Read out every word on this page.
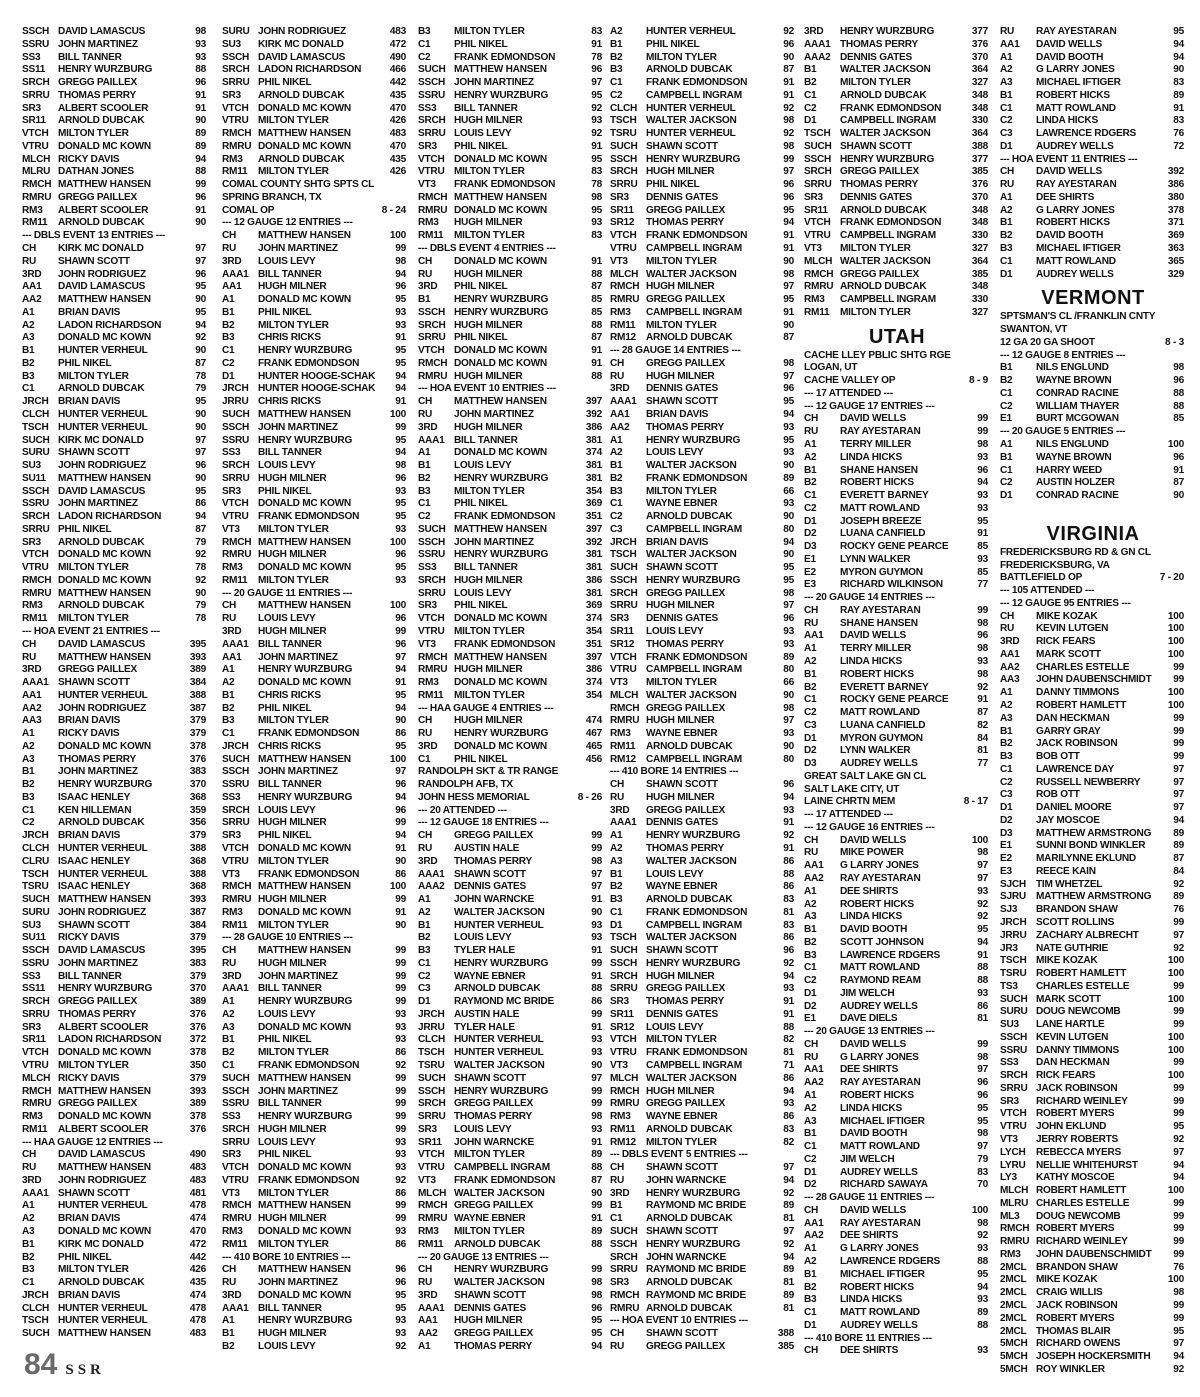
SSCH DAVID LAMASCUS	98
SSRU JOHN MARTINEZ	93
SS3	BILL TANNER	93
SS11	HENRY WURZBURG	88
SRCH GREGG PAILLEX	96
SRRU THOMAS PERRY	91
SR3	ALBERT SCOOLER	91
SR11	ARNOLD DUBCAK	90
VTCH MILTON TYLER	89
VTRU DONALD MC KOWN	89
MLCH RICKY DAVIS	94
MLRU DATHAN JONES	88
RMCH MATTHEW HANSEN	99
RMRU GREGG PAILLEX	96
RM3	ALBERT SCOOLER	91
RM11	ARNOLD DUBCAK	90
--- DBLS EVENT 13 ENTRIES ---
CH	KIRK MC DONALD	97
RU	SHAWN SCOTT	97
3RD	JOHN RODRIGUEZ	96
AA1	DAVID LAMASCUS	95
AA2	MATTHEW HANSEN	90
A1	BRIAN DAVIS	95
A2	LADON RICHARDSON	94
A3	DONALD MC KOWN	92
B1	HUNTER VERHEUL	90
B2	PHIL NIKEL	87
B3	MILTON TYLER	78
C1	ARNOLD DUBCAK	79
JRCH BRIAN DAVIS	95
CLCH HUNTER VERHEUL	90
TSCH HUNTER VERHEUL	90
SUCH KIRK MC DONALD	97
SURU SHAWN SCOTT	97
SU3	JOHN RODRIGUEZ	96
SU11	MATTHEW HANSEN	90
SSCH DAVID LAMASCUS	95
SSRU JOHN MARTINEZ	86
SRCH LADON RICHARDSON	94
SRRU PHIL NIKEL	87
SR3	ARNOLD DUBCAK	79
VTCH DONALD MC KOWN	92
VTRU MILTON TYLER	78
RMCH DONALD MC KOWN	92
RMRU MATTHEW HANSEN	90
RM3	ARNOLD DUBCAK	79
RM11	MILTON TYLER	78
--- HOA EVENT 21 ENTRIES ---
CH	DAVID LAMASCUS	395
RU	MATTHEW HANSEN	393
3RD	GREGG PAILLEX	389
AAA1 SHAWN SCOTT	384
AA1	HUNTER VERHEUL	388
AA2	JOHN RODRIGUEZ	387
AA3	BRIAN DAVIS	379
A1	RICKY DAVIS	379
A2	DONALD MC KOWN	378
A3	THOMAS PERRY	376
B1	JOHN MARTINEZ	383
B2	HENRY WURZBURG	370
B3	ISAAC HENLEY	368
C1	KEN HILLEMAN	359
C2	ARNOLD DUBCAK	356
JRCH BRIAN DAVIS	379
CLCH HUNTER VERHEUL	388
CLRU ISAAC HENLEY	368
TSCH HUNTER VERHEUL	388
TSRU ISAAC HENLEY	368
SUCH MATTHEW HANSEN	393
SURU JOHN RODRIGUEZ	387
SU3	SHAWN SCOTT	384
SU11	RICKY DAVIS	379
SSCH DAVID LAMASCUS	395
SSRU JOHN MARTINEZ	383
SS3	BILL TANNER	379
SS11	HENRY WURZBURG	370
SRCH GREGG PAILLEX	389
SRRU THOMAS PERRY	376
SR3	ALBERT SCOOLER	376
SR11	LADON RICHARDSON	372
VTCH DONALD MC KOWN	378
VTRU MILTON TYLER	350
MLCH RICKY DAVIS	379
RMCH MATTHEW HANSEN	393
RMRU GREGG PAILLEX	389
RM3	DONALD MC KOWN	378
RM11	ALBERT SCOOLER	376
--- HAA GAUGE 12 ENTRIES ---
CH	DAVID LAMASCUS	490
RU	MATTHEW HANSEN	483
3RD	JOHN RODRIGUEZ	483
AAA1 SHAWN SCOTT	481
A1	HUNTER VERHEUL	478
A2	BRIAN DAVIS	474
A3	DONALD MC KOWN	470
B1	KIRK MC DONALD	472
B2	PHIL NIKEL	442
B3	MILTON TYLER	426
C1	ARNOLD DUBCAK	435
JRCH BRIAN DAVIS	474
CLCH HUNTER VERHEUL	478
TSCH HUNTER VERHEUL	478
SUCH MATTHEW HANSEN	483
SURU JOHN RODRIGUEZ	483
SU3	KIRK MC DONALD	472
SSCH DAVID LAMASCUS	490
SRCH LADON RICHARDSON	466
SRRU PHIL NIKEL	442
SR3	ARNOLD DUBCAK	435
VTCH DONALD MC KOWN	470
VTRU MILTON TYLER	426
RMCH MATTHEW HANSEN	483
RMRU DONALD MC KOWN	470
RM3	ARNOLD DUBCAK	435
RM11	MILTON TYLER	426
COMAL COUNTY SHTG SPTS CL
SPRING BRANCH, TX
COMAL OP	8 - 24
--- 12 GAUGE 12 ENTRIES ---
CH	MATTHEW HANSEN	100
RU	JOHN MARTINEZ	99
3RD	LOUIS LEVY	98
AAA1 BILL TANNER	94
AA1	HUGH MILNER	96
A1	DONALD MC KOWN	95
B1	PHIL NIKEL	93
B2	MILTON TYLER	93
B3	CHRIS RICKS	91
C1	HENRY WURZBURG	95
C2	FRANK EDMONDSON	95
D1	HUNTER HOOGE-SCHAK	94
JRCH HUNTER HOOGE-SCHAK	94
JRRU CHRIS RICKS	91
SUCH MATTHEW HANSEN	100
SSCH JOHN MARTINEZ	99
SSRU HENRY WURZBURG	95
SS3	BILL TANNER	94
SRCH LOUIS LEVY	98
SRRU HUGH MILNER	96
SR3	PHIL NIKEL	93
VTCH DONALD MC KOWN	95
VTRU FRANK EDMONDSON	95
VT3	MILTON TYLER	93
RMCH MATTHEW HANSEN	100
RMRU HUGH MILNER	96
RM3	DONALD MC KOWN	95
RM11	MILTON TYLER	93
--- 20 GAUGE 11 ENTRIES ---
CH	MATTHEW HANSEN	100
RU	LOUIS LEVY	96
3RD	HUGH MILNER	99
AAA1 BILL TANNER	96
AA1	JOHN MARTINEZ	97
A1	HENRY WURZBURG	94
A2	DONALD MC KOWN	91
B1	CHRIS RICKS	95
B2	PHIL NIKEL	94
B3	MILTON TYLER	90
C1	FRANK EDMONDSON	86
JRCH CHRIS RICKS	95
SUCH MATTHEW HANSEN	100
SSCH JOHN MARTINEZ	97
SSRU BILL TANNER	96
SS3	HENRY WURZBURG	94
SRCH LOUIS LEVY	96
SRRU HUGH MILNER	99
SR3	PHIL NIKEL	94
VTCH DONALD MC KOWN	91
VTRU MILTON TYLER	90
VT3	FRANK EDMONDSON	86
RMCH MATTHEW HANSEN	100
RMRU HUGH MILNER	99
RM3	DONALD MC KOWN	91
RM11	MILTON TYLER	90
--- 28 GAUGE 10 ENTRIES ---
CH	MATTHEW HANSEN	99
RU	HUGH MILNER	99
3RD	JOHN MARTINEZ	99
AAA1 BILL TANNER	99
A1	HENRY WURZBURG	99
A2	LOUIS LEVY	93
A3	DONALD MC KOWN	93
B1	PHIL NIKEL	93
B2	MILTON TYLER	86
C1	FRANK EDMONDSON	92
SUCH MATTHEW HANSEN	99
SSCH JOHN MARTINEZ	99
SSRU BILL TANNER	99
SS3	HENRY WURZBURG	99
SRCH HUGH MILNER	99
SRRU LOUIS LEVY	93
SR3	PHIL NIKEL	93
VTCH DONALD MC KOWN	93
VTRU FRANK EDMONDSON	92
VT3	MILTON TYLER	86
RMCH MATTHEW HANSEN	99
RMRU HUGH MILNER	99
RM3	DONALD MC KOWN	93
RM11	MILTON TYLER	86
--- 410 BORE 10 ENTRIES ---
CH	MATTHEW HANSEN	96
RU	JOHN MARTINEZ	96
3RD	DONALD MC KOWN	95
AAA1 BILL TANNER	95
A1	HENRY WURZBURG	93
B1	HUGH MILNER	93
B2	LOUIS LEVY	92
B3	MILTON TYLER	83
C1	PHIL NIKEL	91
C2	FRANK EDMONDSON	78
SUCH MATTHEW HANSEN	96
SSCH JOHN MARTINEZ	97
SSRU HENRY WURZBURG	95
SS3	BILL TANNER	92
SRCH HUGH MILNER	93
SRRU LOUIS LEVY	92
SR3	PHIL NIKEL	91
VTCH DONALD MC KOWN	95
VTRU MILTON TYLER	83
VT3	FRANK EDMONDSON	78
RMCH MATTHEW HANSEN	98
RMRU DONALD MC KOWN	95
RM3	HUGH MILNER	93
RM11	MILTON TYLER	83
--- DBLS EVENT 4 ENTRIES ---
CH	DONALD MC KOWN	91
RU	HUGH MILNER	88
3RD	PHIL NIKEL	87
B1	HENRY WURZBURG	85
SSCH HENRY WURZBURG	85
SRCH HUGH MILNER	88
SRRU PHIL NIKEL	87
VTCH DONALD MC KOWN	91
RMCH DONALD MC KOWN	91
RMRU HUGH MILNER	88
--- HOA EVENT 10 ENTRIES ---
CH	MATTHEW HANSEN	397
RU	JOHN MARTINEZ	392
3RD	HUGH MILNER	386
AAA1 BILL TANNER	381
A1	DONALD MC KOWN	374
B1	LOUIS LEVY	381
B2	HENRY WURZBURG	381
B3	MILTON TYLER	354
C1	PHIL NIKEL	369
C2	FRANK EDMONDSON	351
SUCH MATTHEW HANSEN	397
SSCH JOHN MARTINEZ	392
SSRU HENRY WURZBURG	381
SS3	BILL TANNER	381
SRCH HUGH MILNER	386
SRRU LOUIS LEVY	381
SR3	PHIL NIKEL	369
VTCH DONALD MC KOWN	374
VTRU MILTON TYLER	354
VT3	FRANK EDMONDSON	351
RMCH MATTHEW HANSEN	397
RMRU HUGH MILNER	386
RM3	DONALD MC KOWN	374
RM11	MILTON TYLER	354
--- HAA GAUGE 4 ENTRIES ---
CH	HUGH MILNER	474
RU	HENRY WURZBURG	467
3RD	DONALD MC KOWN	465
C1	PHIL NIKEL	456
RANDOLPH SKT & TR RANGE
RANDOLPH AFB, TX
JOHN HESS MEMORIAL	8 - 26
--- 20 ATTENDED ---
--- 12 GAUGE 18 ENTRIES ---
CH	GREGG PAILLEX	99
RU	AUSTIN HALE	99
3RD	THOMAS PERRY	98
AAA1 SHAWN SCOTT	97
AAA2 DENNIS GATES	97
A1	JOHN WARNCKE	91
A2	WALTER JACKSON	90
B1	HUNTER VERHEUL	93
B2	LOUIS LEVY	93
B3	TYLER HALE	91
C1	HENRY WURZBURG	99
C2	WAYNE EBNER	91
C3	ARNOLD DUBCAK	88
D1	RAYMOND MC BRIDE	86
JRCH AUSTIN HALE	99
JRRU TYLER HALE	91
CLCH HUNTER VERHEUL	93
TSCH HUNTER VERHEUL	93
TSRU WALTER JACKSON	90
SUCH SHAWN SCOTT	97
SSCH HENRY WURZBURG	99
SRCH GREGG PAILLEX	99
SRRU THOMAS PERRY	98
SR3	LOUIS LEVY	93
SR11	JOHN WARNCKE	91
VTCH MILTON TYLER	89
VTRU CAMPBELL INGRAM	88
VT3	FRANK EDMONDSON	87
MLCH WALTER JACKSON	90
RMCH GREGG PAILLEX	99
RMRU WAYNE EBNER	91
RM3	MILTON TYLER	89
RM11	ARNOLD DUBCAK	88
--- 20 GAUGE 13 ENTRIES ---
CH	HENRY WURZBURG	99
RU	WALTER JACKSON	98
3RD	SHAWN SCOTT	98
AAA1 DENNIS GATES	96
AA1	HUGH MILNER	95
AA2	GREGG PAILLEX	95
A1	THOMAS PERRY	94
A2	HUNTER VERHEUL	92
B1	PHIL NIKEL	96
B2	MILTON TYLER	90
B3	ARNOLD DUBCAK	87
C1	FRANK EDMONDSON	91
C2	CAMPBELL INGRAM	91
CLCH HUNTER VERHEUL	92
TSCH WALTER JACKSON	98
TSRU HUNTER VERHEUL	92
SUCH SHAWN SCOTT	98
SSCH HENRY WURZBURG	99
SRCH HUGH MILNER	97
SRRU PHIL NIKEL	96
SR3	DENNIS GATES	96
SR11	GREGG PAILLEX	95
SR12	THOMAS PERRY	94
VTCH FRANK EDMONDSON	91
VTRU CAMPBELL INGRAM	91
VT3	MILTON TYLER	90
MLCH WALTER JACKSON	98
RMCH HUGH MILNER	97
RMRU GREGG PAILLEX	95
RM3	CAMPBELL INGRAM	91
RM11	MILTON TYLER	90
RM12 ARNOLD DUBCAK	87
--- 28 GAUGE 14 ENTRIES ---
CH	GREGG PAILLEX	98
RU	HUGH MILNER	97
3RD	DENNIS GATES	96
AAA1 SHAWN SCOTT	95
AA1	BRIAN DAVIS	94
AA2	THOMAS PERRY	93
A1	HENRY WURZBURG	95
A2	LOUIS LEVY	93
B1	WALTER JACKSON	90
B2	FRANK EDMONDSON	89
B3	MILTON TYLER	66
C1	WAYNE EBNER	93
C2	ARNOLD DUBCAK	90
C3	CAMPBELL INGRAM	80
JRCH BRIAN DAVIS	94
TSCH WALTER JACKSON	90
SUCH SHAWN SCOTT	95
SSCH HENRY WURZBURG	95
SRCH GREGG PAILLEX	98
SRRU HUGH MILNER	97
SR3	DENNIS GATES	96
SR11	LOUIS LEVY	93
SR12	THOMAS PERRY	93
VTCH FRANK EDMONDSON	89
VTRU CAMPBELL INGRAM	80
VT3	MILTON TYLER	66
MLCH WALTER JACKSON	90
RMCH GREGG PAILLEX	98
RMRU HUGH MILNER	97
RM3	WAYNE EBNER	93
RM11	ARNOLD DUBCAK	90
RM12 CAMPBELL INGRAM	80
--- 410 BORE 14 ENTRIES ---
CH	SHAWN SCOTT	96
RU	HUGH MILNER	94
3RD	GREGG PAILLEX	93
AAA1 DENNIS GATES	91
A1	HENRY WURZBURG	92
A2	THOMAS PERRY	91
A3	WALTER JACKSON	86
B1	LOUIS LEVY	88
B2	WAYNE EBNER	86
B3	ARNOLD DUBCAK	83
C1	FRANK EDMONDSON	81
D1	CAMPBELL INGRAM	83
TSCH WALTER JACKSON	86
SUCH SHAWN SCOTT	96
SSCH HENRY WURZBURG	92
SRCH HUGH MILNER	94
SRRU GREGG PAILLEX	93
SR3	THOMAS PERRY	91
SR11	DENNIS GATES	91
SR12	LOUIS LEVY	88
VTCH MILTON TYLER	82
VTRU FRANK EDMONDSON	81
VT3	CAMPBELL INGRAM	71
MLCH WALTER JACKSON	86
RMCH HUGH MILNER	94
RMRU GREGG PAILLEX	93
RM3	WAYNE EBNER	86
RM11	ARNOLD DUBCAK	83
RM12 MILTON TYLER	82
--- DBLS EVENT 5 ENTRIES ---
CH	SHAWN SCOTT	97
RU	JOHN WARNCKE	94
3RD	HENRY WURZBURG	92
B1	RAYMOND MC BRIDE	89
C1	ARNOLD DUBCAK	81
SUCH SHAWN SCOTT	97
SSCH HENRY WURZBURG	92
SRCH JOHN WARNCKE	94
SRRU RAYMOND MC BRIDE	89
SR3	ARNOLD DUBCAK	81
RMCH RAYMOND MC BRIDE	89
RMRU ARNOLD DUBCAK	81
--- HOA EVENT 10 ENTRIES ---
CH	SHAWN SCOTT	388
RU	GREGG PAILLEX	385
3RD	HENRY WURZBURG	377
AAA1 THOMAS PERRY	376
AAA2 DENNIS GATES	370
B1	WALTER JACKSON	364
B2	MILTON TYLER	327
C1	ARNOLD DUBCAK	348
C2	FRANK EDMONDSON	348
D1	CAMPBELL INGRAM	330
TSCH WALTER JACKSON	364
SUCH SHAWN SCOTT	388
SSCH HENRY WURZBURG	377
SRCH GREGG PAILLEX	385
SRRU THOMAS PERRY	376
SR3	DENNIS GATES	370
SR11	ARNOLD DUBCAK	348
VTCH FRANK EDMONDSON	348
VTRU CAMPBELL INGRAM	330
VT3	MILTON TYLER	327
MLCH WALTER JACKSON	364
RMCH GREGG PAILLEX	385
RMRU ARNOLD DUBCAK	348
RM3	CAMPBELL INGRAM	330
RM11	MILTON TYLER	327
UTAH
CACHE LLEY PBLIC SHTG RGE
LOGAN, UT
CACHE VALLEY OP	8 - 9
--- 17 ATTENDED ---
--- 12 GAUGE 17 ENTRIES ---
CH	DAVID WELLS	99
RU	RAY AYESTARAN	99
A1	TERRY MILLER	98
A2	LINDA HICKS	93
B1	SHANE HANSEN	96
B2	ROBERT HICKS	94
C1	EVERETT BARNEY	93
C2	MATT ROWLAND	93
D1	JOSEPH BREEZE	95
D2	LUANA CANFIELD	91
D3	ROCKY GENE PEARCE	85
E1	LYNN WALKER	93
E2	MYRON GUYMON	85
E3	RICHARD WILKINSON	77
--- 20 GAUGE 14 ENTRIES ---
CH	RAY AYESTARAN	99
RU	SHANE HANSEN	98
AA1	DAVID WELLS	96
A1	TERRY MILLER	98
A2	LINDA HICKS	93
B1	ROBERT HICKS	98
B2	EVERETT BARNEY	92
C1	ROCKY GENE PEARCE	91
C2	MATT ROWLAND	87
C3	LUANA CANFIELD	82
D1	MYRON GUYMON	84
D2	LYNN WALKER	81
D3	AUDREY WELLS	77
GREAT SALT LAKE GN CL
SALT LAKE CITY, UT
LAINE CHRTN MEM	8 - 17
--- 17 ATTENDED ---
--- 12 GAUGE 16 ENTRIES ---
CH	DAVID WELLS	100
RU	MIKE POWER	98
AA1	G LARRY JONES	97
AA2	RAY AYESTARAN	97
A1	DEE SHIRTS	93
A2	ROBERT HICKS	92
A3	LINDA HICKS	92
B1	DAVID BOOTH	95
B2	SCOTT JOHNSON	94
B3	LAWRENCE RDGERS	91
C1	MATT ROWLAND	88
C2	RAYMOND REAM	88
D1	JIM WELCH	93
D2	AUDREY WELLS	86
E1	DAVE DIELS	81
--- 20 GAUGE 13 ENTRIES ---
CH	DAVID WELLS	99
RU	G LARRY JONES	98
AA1	DEE SHIRTS	97
AA2	RAY AYESTARAN	96
A1	ROBERT HICKS	96
A2	LINDA HICKS	95
A3	MICHAEL IFTIGER	95
B1	DAVID BOOTH	98
C1	MATT ROWLAND	97
C2	JIM WELCH	79
D1	AUDREY WELLS	83
D2	RICHARD SAWAYA	70
--- 28 GAUGE 11 ENTRIES ---
CH	DAVID WELLS	100
AA1	RAY AYESTARAN	98
AA2	DEE SHIRTS	92
A1	G LARRY JONES	93
A2	LAWRENCE RDGERS	88
B1	MICHAEL IFTIGER	95
B2	ROBERT HICKS	94
B3	LINDA HICKS	93
C1	MATT ROWLAND	89
D1	AUDREY WELLS	88
--- 410 BORE 11 ENTRIES ---
CH	DEE SHIRTS	93
RU	RAY AYESTARAN	95
AA1	DAVID WELLS	94
A1	DAVID BOOTH	94
A2	G LARRY JONES	90
A3	MICHAEL IFTIGER	83
B1	ROBERT HICKS	89
C1	MATT ROWLAND	91
C2	LINDA HICKS	83
C3	LAWRENCE RDGERS	76
D1	AUDREY WELLS	72
--- HOA EVENT 11 ENTRIES ---
CH	DAVID WELLS	392
RU	RAY AYESTARAN	386
A1	DEE SHIRTS	380
A2	G LARRY JONES	378
B1	ROBERT HICKS	371
B2	DAVID BOOTH	369
B3	MICHAEL IFTIGER	363
C1	MATT ROWLAND	365
D1	AUDREY WELLS	329
VERMONT
SPTSMAN'S CL /FRANKLIN CNTY
SWANTON, VT
12 GA 20 GA SHOOT	8 - 3
--- 12 GAUGE 8 ENTRIES ---
B1	NILS ENGLUND	98
B2	WAYNE BROWN	96
C1	CONRAD RACINE	88
C2	WILLIAM THAYER	88
E1	BURT MCGOWAN	85
--- 20 GAUGE 5 ENTRIES ---
A1	NILS ENGLUND	100
B1	WAYNE BROWN	96
C1	HARRY WEED	91
C2	AUSTIN HOLZER	87
D1	CONRAD RACINE	90
VIRGINIA
FREDERICKSBURG RD & GN CL
FREDERICKSBURG, VA
BATTLEFIELD OP	7 - 20
--- 105 ATTENDED ---
--- 12 GAUGE 95 ENTRIES ---
CH	MIKE KOZAK	100
RU	KEVIN LUTGEN	100
3RD	RICK FEARS	100
AA1	MARK SCOTT	100
AA2	CHARLES ESTELLE	99
AA3	JOHN DAUBENSCHMIDT	99
A1	DANNY TIMMONS	100
A2	ROBERT HAMLETT	100
A3	DAN HECKMAN	99
B1	GARRY GRAY	99
B2	JACK ROBINSON	99
B3	BOB OTT	99
C1	LAWRENCE DAY	97
C2	RUSSELL NEWBERRY	97
C3	ROB OTT	97
D1	DANIEL MOORE	97
D2	JAY MOSCOE	94
D3	MATTHEW ARMSTRONG	89
E1	SUNNI BOND WINKLER	89
E2	MARILYNNE EKLUND	87
E3	REECE KAIN	84
SJCH TIM WHETZEL	92
SJRU MATTHEW ARMSTRONG	89
SJ3	BRANDON SHAW	76
JRCH SCOTT ROLLINS	99
JRRU ZACHARY ALBRECHT	97
JR3	NATE GUTHRIE	92
TSCH MIKE KOZAK	100
TSRU ROBERT HAMLETT	100
TS3	CHARLES ESTELLE	99
SUCH MARK SCOTT	100
SURU DOUG NEWCOMB	99
SU3	LANE HARTLE	99
SSCH KEVIN LUTGEN	100
SSRU DANNY TIMMONS	100
SS3	DAN HECKMAN	99
SRCH RICK FEARS	100
SRRU JACK ROBINSON	99
SR3	RICHARD WEINLEY	99
VTCH ROBERT MYERS	99
VTRU JOHN EKLUND	95
VT3	JERRY ROBERTS	92
LYCH	REBECCA MYERS	97
LYRU	NELLIE WHITEHURST	94
LY3	KATHY MOSCOE	94
MLCH ROBERT HAMLETT	100
MLRU CHARLES ESTELLE	99
ML3	DOUG NEWCOMB	99
RMCH ROBERT MYERS	99
RMRU RICHARD WEINLEY	99
RM3	JOHN DAUBENSCHMIDT	99
2MCL BRANDON SHAW	76
2MCL MIKE KOZAK	100
2MCL CRAIG WILLIS	98
2MCL JACK ROBINSON	99
2MCL ROBERT MYERS	99
2MCL THOMAS BLAIR	95
5MCH RICHARD OWENS	97
5MCH JOSEPH HOCKERSMITH	94
5MCH ROY WINKLER	92
84 SSR
